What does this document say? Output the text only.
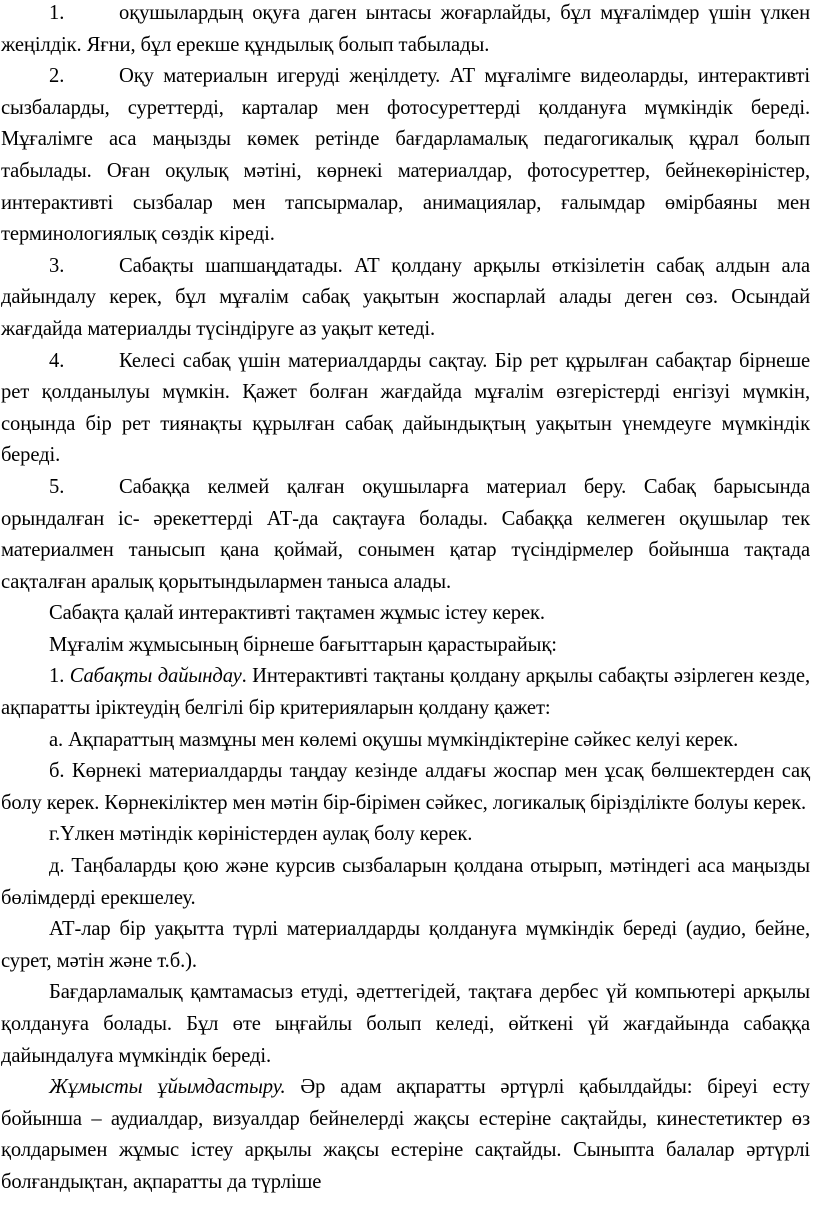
1.	оқушылардың оқуға даген ынтасы жоғарлайды, бұл мұғалімдер үшін үлкен жеңілдік. Яғни, бұл ерекше құндылық болып табылады.

2.	Оқу материалын игеруді жеңілдету. АТ мұғалімге видеоларды, интерактивті сызбаларды, суреттерді, карталар мен фотосуреттерді қолдануға мүмкіндік береді. Мұғалімге аса маңызды көмек ретінде бағдарламалық педагогикалық құрал болып табылады. Оған оқулық мәтіні, көрнекі материалдар, фотосуреттер, бейнекөріністер, интерактивті сызбалар мен тапсырмалар, анимациялар, ғалымдар өмірбаяны мен терминологиялық сөздік кіреді.

3.	Сабақты шапшаңдатады. АТ қолдану арқылы өткізілетін сабақ алдын ала дайындалу керек, бұл мұғалім сабақ уақытын жоспарлай алады деген сөз. Осындай жағдайда материалды түсіндіруге аз уақыт кетеді.

4.	Келесі сабақ үшін материалдарды сақтау. Бір рет құрылған сабақтар бірнеше рет қолданылуы мүмкін. Қажет болған жағдайда мұғалім өзгерістерді енгізуі мүмкін, соңында бір рет тиянақты құрылған сабақ дайындықтың уақытын үнемдеуге мүмкіндік береді.

5.	Сабаққа келмей қалған оқушыларға материал беру. Сабақ барысында орындалған іс- әрекеттерді АТ-да сақтауға болады. Сабаққа келмеген оқушылар тек материалмен танысып қана қоймай, сонымен қатар түсіндірмелер бойынша тақтада сақталған аралық қорытындылармен таныса алады.

Сабақта қалай интерактивті тақтамен жұмыс істеу керек.

Мұғалім жұмысының бірнеше бағыттарын қарастырайық:

1. Сабақты дайындау. Интерактивті тақтаны қолдану арқылы сабақты әзірлеген кезде, ақпаратты іріктеудің белгілі бір критерияларын қолдану қажет:

а. Ақпараттың мазмұны мен көлемі оқушы мүмкіндіктеріне сәйкес келуі керек.

б. Көрнекі материалдарды таңдау кезінде алдағы жоспар мен ұсақ бөлшектерден сақ болу керек. Көрнекіліктер мен мәтін бір-бірімен сәйкес, логикалық бірізділікте болуы керек.

г.Үлкен мәтіндік көріністерден аулақ болу керек.

д. Таңбаларды қою және курсив сызбаларын қолдана отырып, мәтіндегі аса маңызды бөлімдерді ерекшелеу.

АТ-лар бір уақытта түрлі материалдарды қолдануға мүмкіндік береді (аудио, бейне, сурет, мәтін және т.б.).

Бағдарламалық қамтамасыз етуді, әдеттегідей, тақтаға дербес үй компьютері арқылы қолдануға болады. Бұл өте ыңғайлы болып келеді, өйткені үй жағдайында сабаққа дайындалуға мүмкіндік береді.

Жұмысты ұйымдастыру. Әр адам ақпаратты әртүрлі қабылдайды: біреуі есту бойынша – аудиалдар, визуалдар бейнелерді жақсы естеріне сақтайды, кинестетиктер өз қолдарымен жұмыс істеу арқылы жақсы естеріне сақтайды. Сыныпта балалар әртүрлі болғандықтан, ақпаратты да түрліше
